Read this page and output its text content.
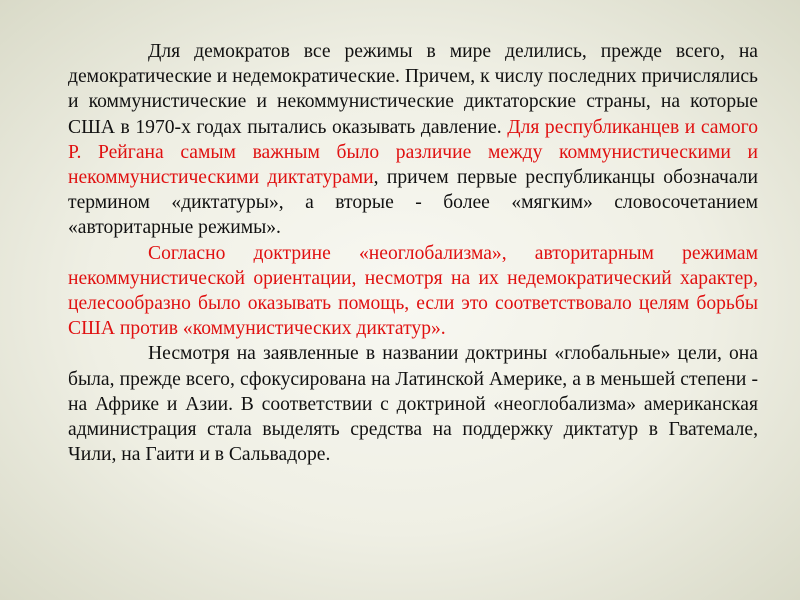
Для демократов все режимы в мире делились, прежде всего, на демократические и недемократические. Причем, к числу последних причислялись и коммунистические и некоммунистические диктаторские страны, на которые США в 1970-х годах пытались оказывать давление. Для республиканцев и самого Р. Рейгана самым важным было различие между коммунистическими и некоммунистическими диктатурами, причем первые республиканцы обозначали термином «диктатуры», а вторые - более «мягким» словосочетанием «авторитарные режимы».

Согласно доктрине «неоглобализма», авторитарным режимам некоммунистической ориентации, несмотря на их недемократический характер, целесообразно было оказывать помощь, если это соответствовало целям борьбы США против «коммунистических диктатур».

Несмотря на заявленные в названии доктрины «глобальные» цели, она была, прежде всего, сфокусирована на Латинской Америке, а в меньшей степени - на Африке и Азии. В соответствии с доктриной «неоглобализма» американская администрация стала выделять средства на поддержку диктатур в Гватемале, Чили, на Гаити и в Сальвадоре.
